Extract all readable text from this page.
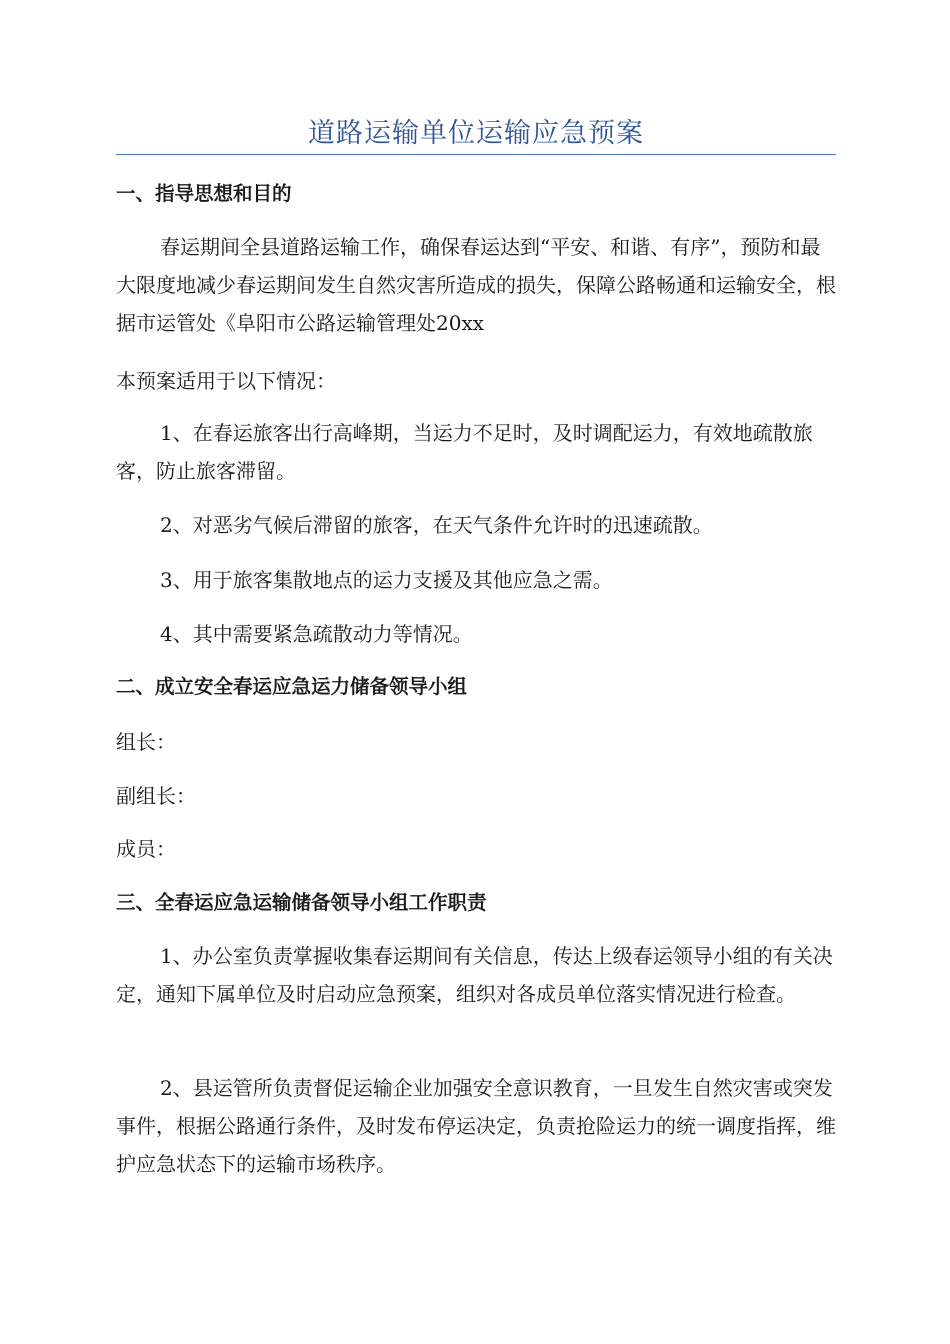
道路运输单位运输应急预案

一、指导思想和目的

春运期间全县道路运输工作，确保春运达到“平安、和谐、有序”，预防和最大限度地减少春运期间发生自然灾害所造成的损失，保障公路畅通和运输安全，根据市运管处《阜阳市公路运输管理处20xx

本预案适用于以下情况：

1、在春运旅客出行高峰期，当运力不足时，及时调配运力，有效地疏散旅客，防止旅客滞留。

2、对恶劣气候后滞留的旅客，在天气条件允许时的迅速疏散。

3、用于旅客集散地点的运力支援及其他应急之需。

4、其中需要紧急疏散动力等情况。

二、成立安全春运应急运力储备领导小组

组长：

副组长：

成员：

三、全春运应急运输储备领导小组工作职责

1、办公室负责掌握收集春运期间有关信息，传达上级春运领导小组的有关决定，通知下属单位及时启动应急预案，组织对各成员单位落实情况进行检查。

2、县运管所负责督促运输企业加强安全意识教育，一旦发生自然灾害或突发事件，根据公路通行条件，及时发布停运决定，负责抢险运力的统一调度指挥，维护应急状态下的运输市场秩序。
